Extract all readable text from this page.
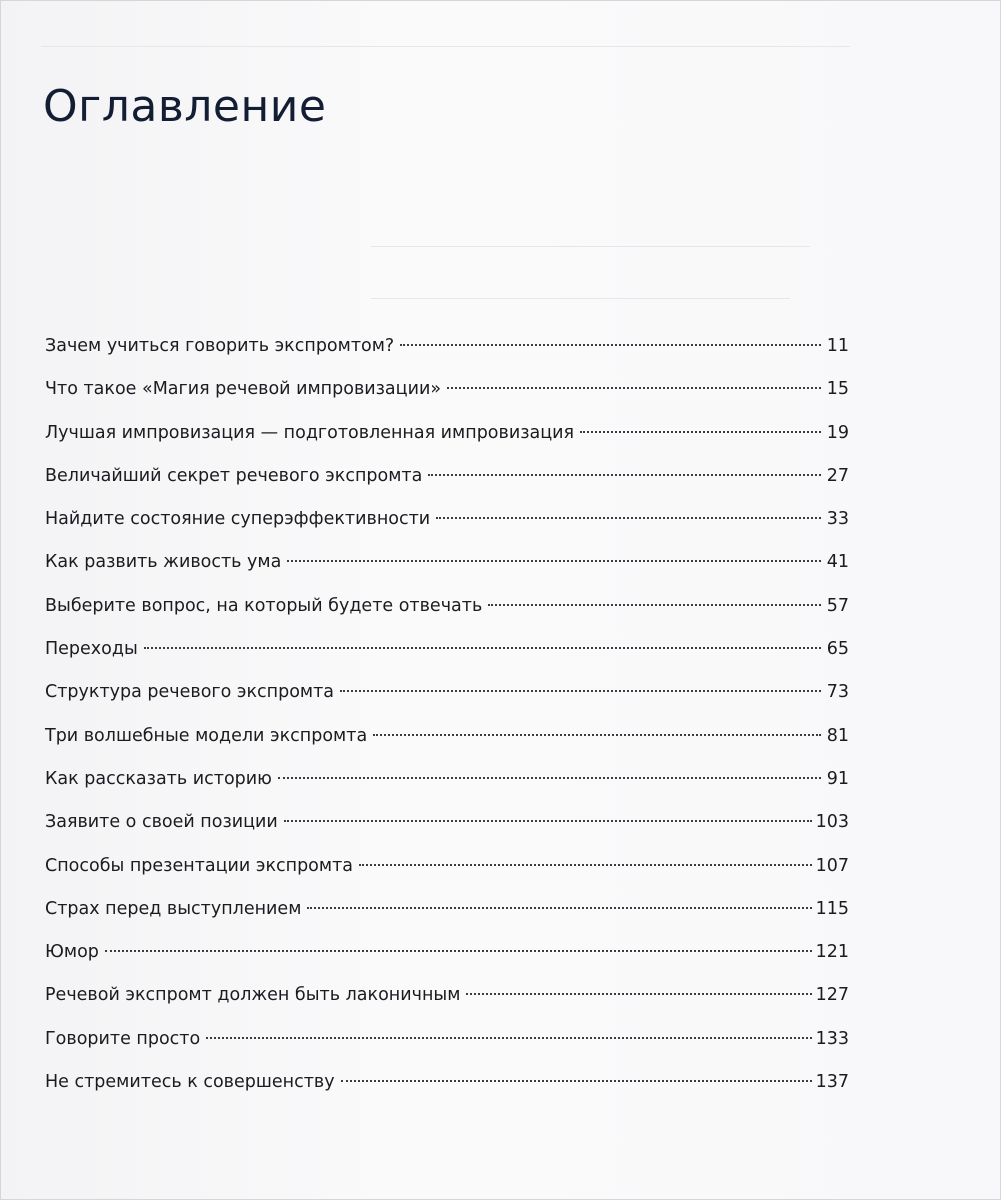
Оглавление
Зачем учиться говорить экспромтом?	11
Что такое «Магия речевой импровизации»	15
Лучшая импровизация — подготовленная импровизация	19
Величайший секрет речевого экспромта	27
Найдите состояние суперэффективности	33
Как развить живость ума	41
Выберите вопрос, на который будете отвечать	57
Переходы	65
Структура речевого экспромта	73
Три волшебные модели экспромта	81
Как рассказать историю	91
Заявите о своей позиции	103
Способы презентации экспромта	107
Страх перед выступлением	115
Юмор	121
Речевой экспромт должен быть лаконичным	127
Говорите просто	133
Не стремитесь к совершенству	137
